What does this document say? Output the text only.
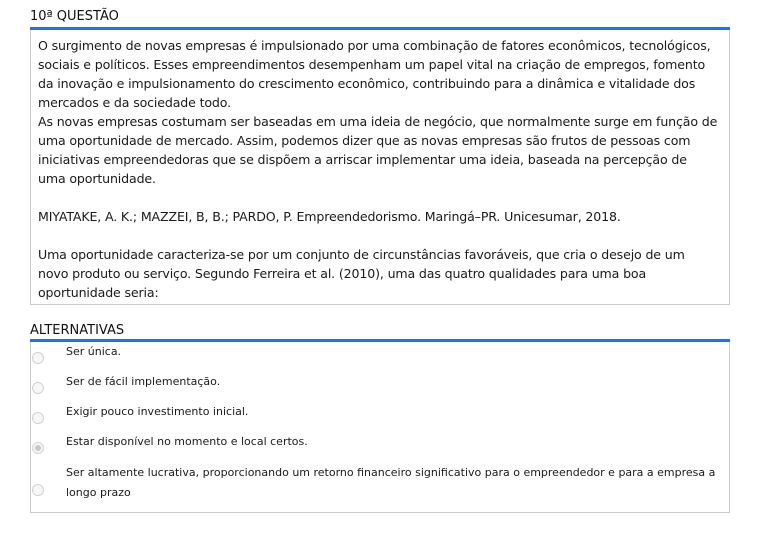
10ª QUESTÃO

O surgimento de novas empresas é impulsionado por uma combinação de fatores econômicos, tecnológicos, sociais e políticos. Esses empreendimentos desempenham um papel vital na criação de empregos, fomento da inovação e impulsionamento do crescimento econômico, contribuindo para a dinâmica e vitalidade dos mercados e da sociedade todo.

As novas empresas costumam ser baseadas em uma ideia de negócio, que normalmente surge em função de uma oportunidade de mercado. Assim, podemos dizer que as novas empresas são frutos de pessoas com iniciativas empreendedoras que se dispõem a arriscar implementar uma ideia, baseada na percepção de uma oportunidade.

MIYATAKE, A. K.; MAZZEI, B, B.; PARDO, P. Empreendedorismo. Maringá–PR. Unicesumar, 2018.

Uma oportunidade caracteriza-se por um conjunto de circunstâncias favoráveis, que cria o desejo de um novo produto ou serviço. Segundo Ferreira et al. (2010), uma das quatro qualidades para uma boa oportunidade seria:

ALTERNATIVAS
Ser única.
Ser de fácil implementação.
Exigir pouco investimento inicial.
Estar disponível no momento e local certos.
Ser altamente lucrativa, proporcionando um retorno financeiro significativo para o empreendedor e para a empresa a longo prazo
